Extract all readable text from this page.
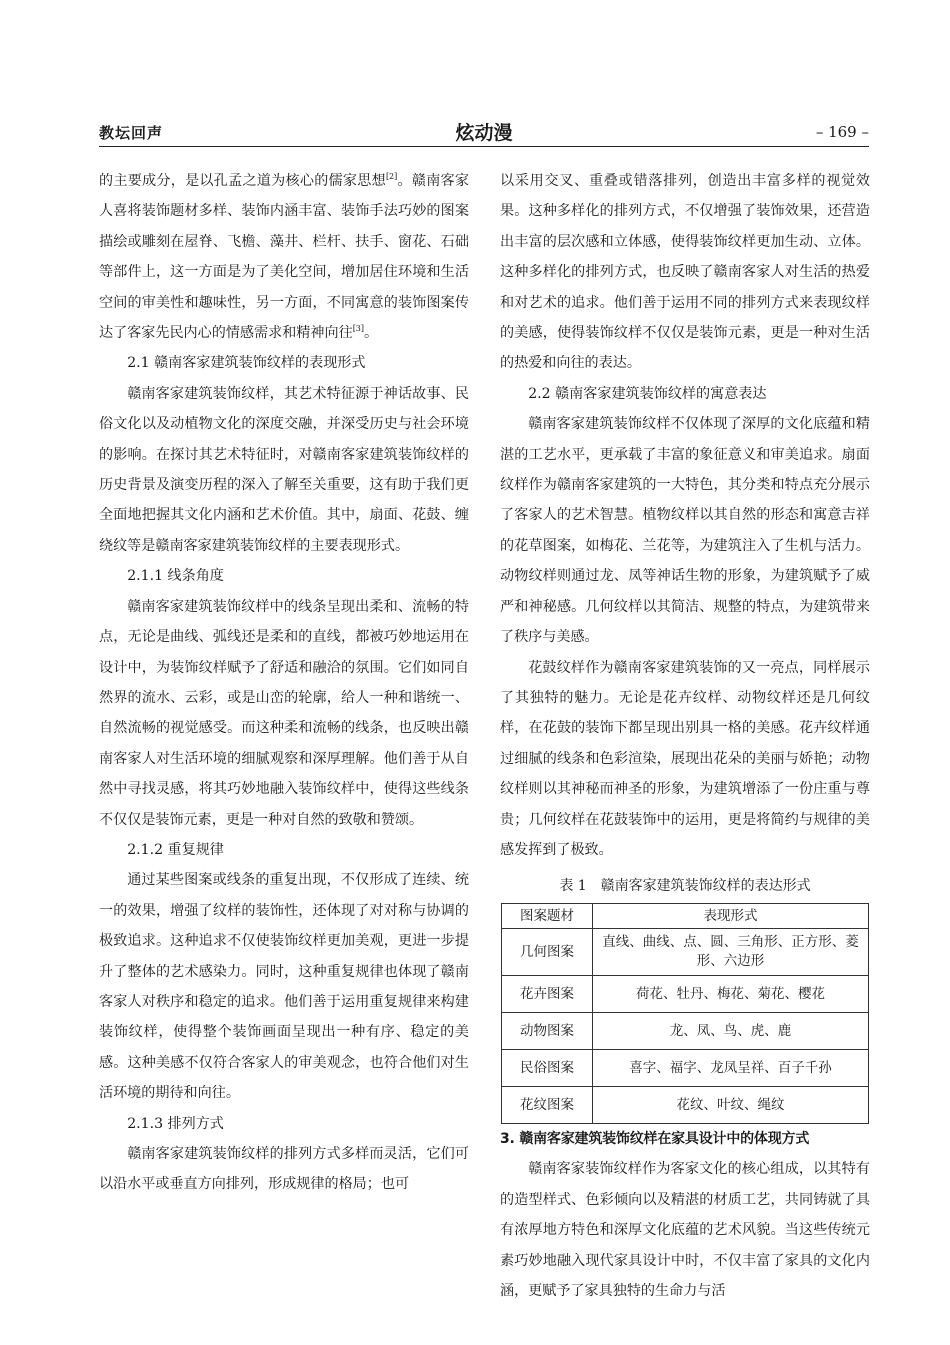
教坛回声	炫动漫	– 169 –

的主要成分，是以孔孟之道为核心的儒家思想[2]。赣南客家人喜将装饰题材多样、装饰内涵丰富、装饰手法巧妙的图案描绘或雕刻在屋脊、飞檐、藻井、栏杆、扶手、窗花、石础等部件上，这一方面是为了美化空间，增加居住环境和生活空间的审美性和趣味性，另一方面，不同寓意的装饰图案传达了客家先民内心的情感需求和精神向往[3]。

2.1 赣南客家建筑装饰纹样的表现形式

赣南客家建筑装饰纹样，其艺术特征源于神话故事、民俗文化以及动植物文化的深度交融，并深受历史与社会环境的影响。在探讨其艺术特征时，对赣南客家建筑装饰纹样的历史背景及演变历程的深入了解至关重要，这有助于我们更全面地把握其文化内涵和艺术价值。其中，扇面、花鼓、缠绕纹等是赣南客家建筑装饰纹样的主要表现形式。

2.1.1 线条角度

赣南客家建筑装饰纹样中的线条呈现出柔和、流畅的特点，无论是曲线、弧线还是柔和的直线，都被巧妙地运用在设计中，为装饰纹样赋予了舒适和融洽的氛围。它们如同自然界的流水、云彩，或是山峦的轮廓，给人一种和谐统一、自然流畅的视觉感受。而这种柔和流畅的线条，也反映出赣南客家人对生活环境的细腻观察和深厚理解。他们善于从自然中寻找灵感，将其巧妙地融入装饰纹样中，使得这些线条不仅仅是装饰元素，更是一种对自然的致敬和赞颂。

2.1.2 重复规律

通过某些图案或线条的重复出现，不仅形成了连续、统一的效果，增强了纹样的装饰性，还体现了对对称与协调的极致追求。这种追求不仅使装饰纹样更加美观，更进一步提升了整体的艺术感染力。同时，这种重复规律也体现了赣南客家人对秩序和稳定的追求。他们善于运用重复规律来构建装饰纹样，使得整个装饰画面呈现出一种有序、稳定的美感。这种美感不仅符合客家人的审美观念，也符合他们对生活环境的期待和向往。

2.1.3 排列方式

赣南客家建筑装饰纹样的排列方式多样而灵活，它们可以沿水平或垂直方向排列，形成规律的格局；也可

以采用交叉、重叠或错落排列，创造出丰富多样的视觉效果。这种多样化的排列方式，不仅增强了装饰效果，还营造出丰富的层次感和立体感，使得装饰纹样更加生动、立体。这种多样化的排列方式，也反映了赣南客家人对生活的热爱和对艺术的追求。他们善于运用不同的排列方式来表现纹样的美感，使得装饰纹样不仅仅是装饰元素，更是一种对生活的热爱和向往的表达。

2.2 赣南客家建筑装饰纹样的寓意表达

赣南客家建筑装饰纹样不仅体现了深厚的文化底蕴和精湛的工艺水平，更承载了丰富的象征意义和审美追求。扇面纹样作为赣南客家建筑的一大特色，其分类和特点充分展示了客家人的艺术智慧。植物纹样以其自然的形态和寓意吉祥的花草图案，如梅花、兰花等，为建筑注入了生机与活力。动物纹样则通过龙、凤等神话生物的形象，为建筑赋予了威严和神秘感。几何纹样以其简洁、规整的特点，为建筑带来了秩序与美感。

花鼓纹样作为赣南客家建筑装饰的又一亮点，同样展示了其独特的魅力。无论是花卉纹样、动物纹样还是几何纹样，在花鼓的装饰下都呈现出别具一格的美感。花卉纹样通过细腻的线条和色彩渲染，展现出花朵的美丽与娇艳；动物纹样则以其神秘而神圣的形象，为建筑增添了一份庄重与尊贵；几何纹样在花鼓装饰中的运用，更是将简约与规律的美感发挥到了极致。

表 1　赣南客家建筑装饰纹样的表达形式
图案题材	表现形式
几何图案	直线、曲线、点、圆、三角形、正方形、菱形、六边形
花卉图案	荷花、牡丹、梅花、菊花、樱花
动物图案	龙、凤、鸟、虎、鹿
民俗图案	喜字、福字、龙凤呈祥、百子千孙
花纹图案	花纹、叶纹、绳纹

3. 赣南客家建筑装饰纹样在家具设计中的体现方式

赣南客家装饰纹样作为客家文化的核心组成，以其特有的造型样式、色彩倾向以及精湛的材质工艺，共同铸就了具有浓厚地方特色和深厚文化底蕴的艺术风貌。当这些传统元素巧妙地融入现代家具设计中时，不仅丰富了家具的文化内涵，更赋予了家具独特的生命力与活
